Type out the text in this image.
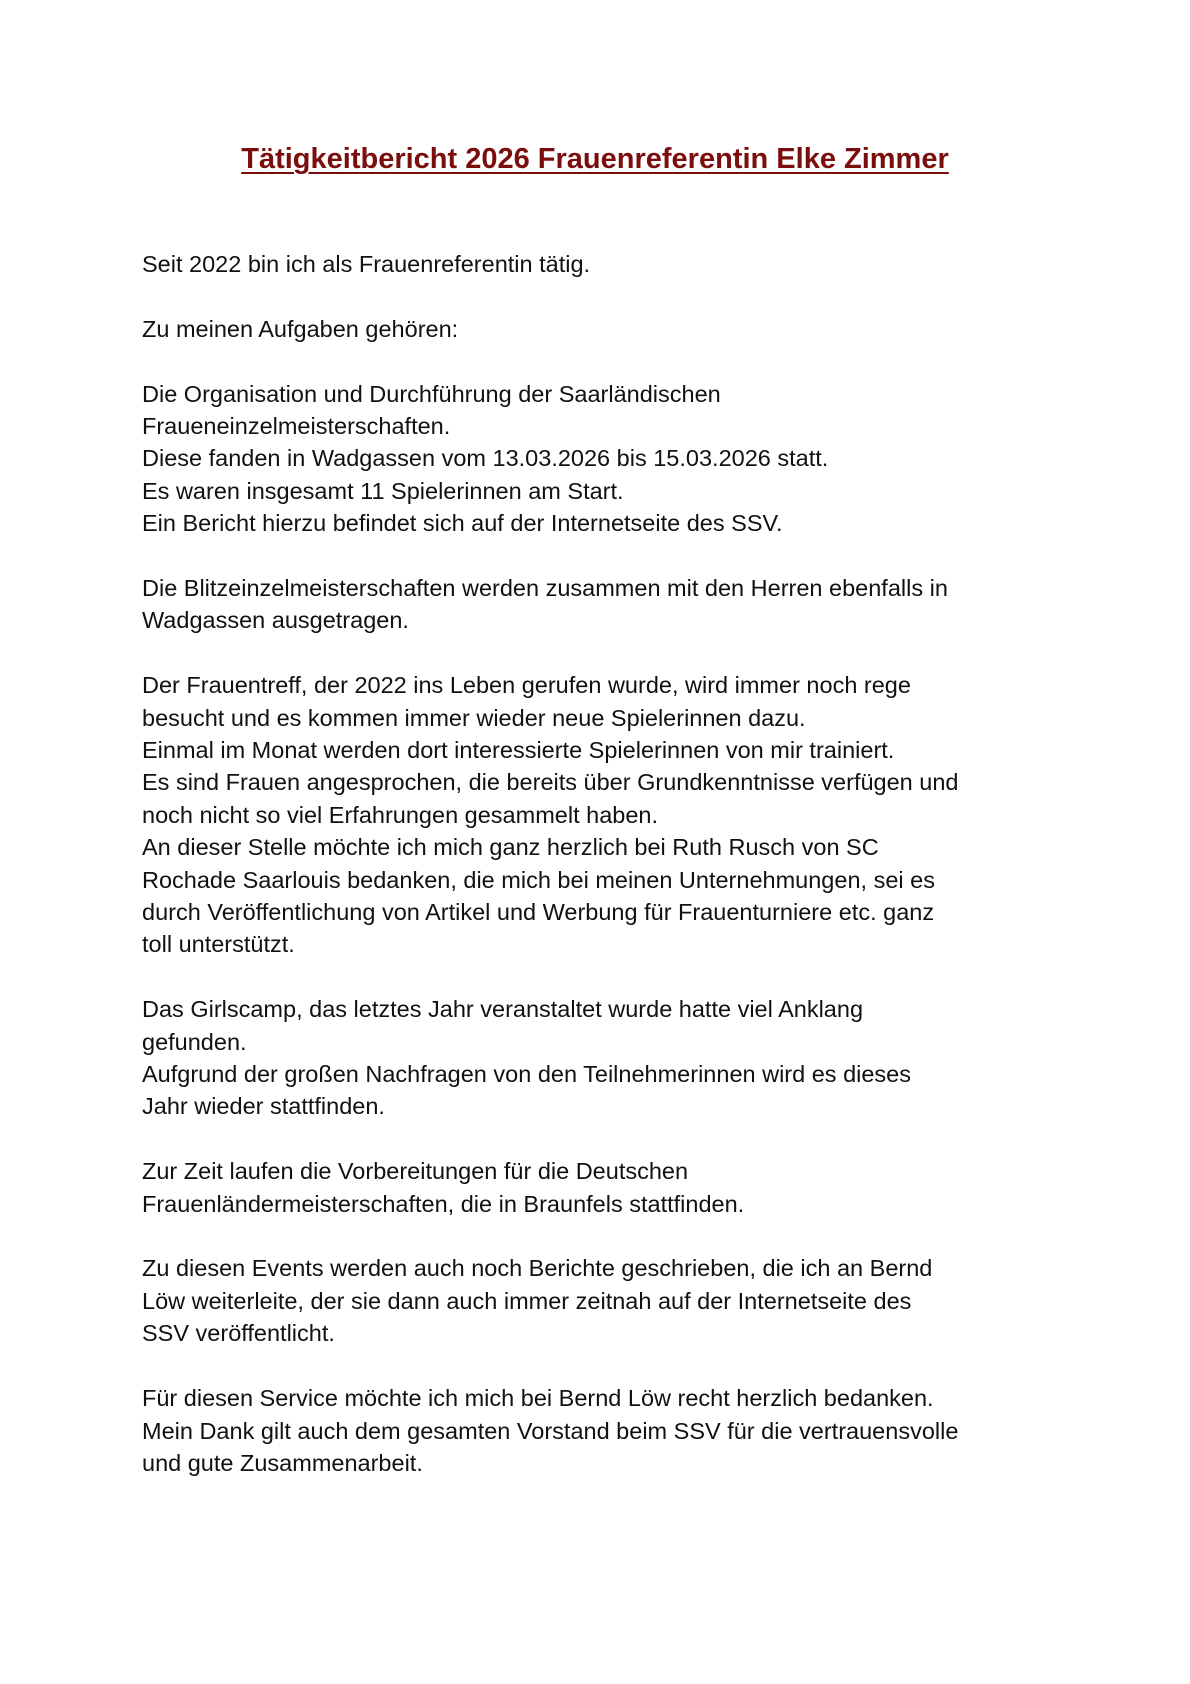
Tätigkeitbericht 2026 Frauenreferentin Elke Zimmer
Seit 2022 bin ich als Frauenreferentin tätig.
Zu meinen Aufgaben gehören:
Die Organisation und Durchführung der Saarländischen
Fraueneinzelmeisterschaften.
Diese fanden in Wadgassen vom 13.03.2026 bis 15.03.2026 statt.
Es waren insgesamt 11 Spielerinnen am Start.
Ein Bericht hierzu befindet sich auf der Internetseite des SSV.
Die Blitzeinzelmeisterschaften werden zusammen mit den Herren ebenfalls in
Wadgassen ausgetragen.
Der Frauentreff, der 2022 ins Leben gerufen wurde, wird immer noch rege
besucht und es kommen immer wieder neue Spielerinnen dazu.
Einmal im Monat werden dort interessierte Spielerinnen von mir trainiert.
Es sind Frauen angesprochen, die bereits über Grundkenntnisse verfügen und
noch nicht so viel Erfahrungen gesammelt haben.
An dieser Stelle möchte ich mich ganz herzlich bei Ruth Rusch von SC
Rochade Saarlouis bedanken, die mich bei meinen Unternehmungen, sei es
durch Veröffentlichung von Artikel und Werbung für Frauenturniere etc. ganz
toll unterstützt.
Das Girlscamp, das letztes Jahr veranstaltet wurde hatte viel Anklang
gefunden.
Aufgrund der großen Nachfragen von den Teilnehmerinnen wird es dieses
Jahr wieder stattfinden.
Zur Zeit laufen die Vorbereitungen für die Deutschen
Frauenländermeisterschaften, die in Braunfels stattfinden.
Zu diesen Events werden auch noch Berichte geschrieben, die ich an Bernd
Löw weiterleite, der sie dann auch immer zeitnah auf der Internetseite des
SSV veröffentlicht.
Für diesen Service möchte ich mich bei Bernd Löw recht herzlich bedanken.
Mein Dank gilt auch dem gesamten Vorstand beim SSV für die vertrauensvolle
und gute Zusammenarbeit.
